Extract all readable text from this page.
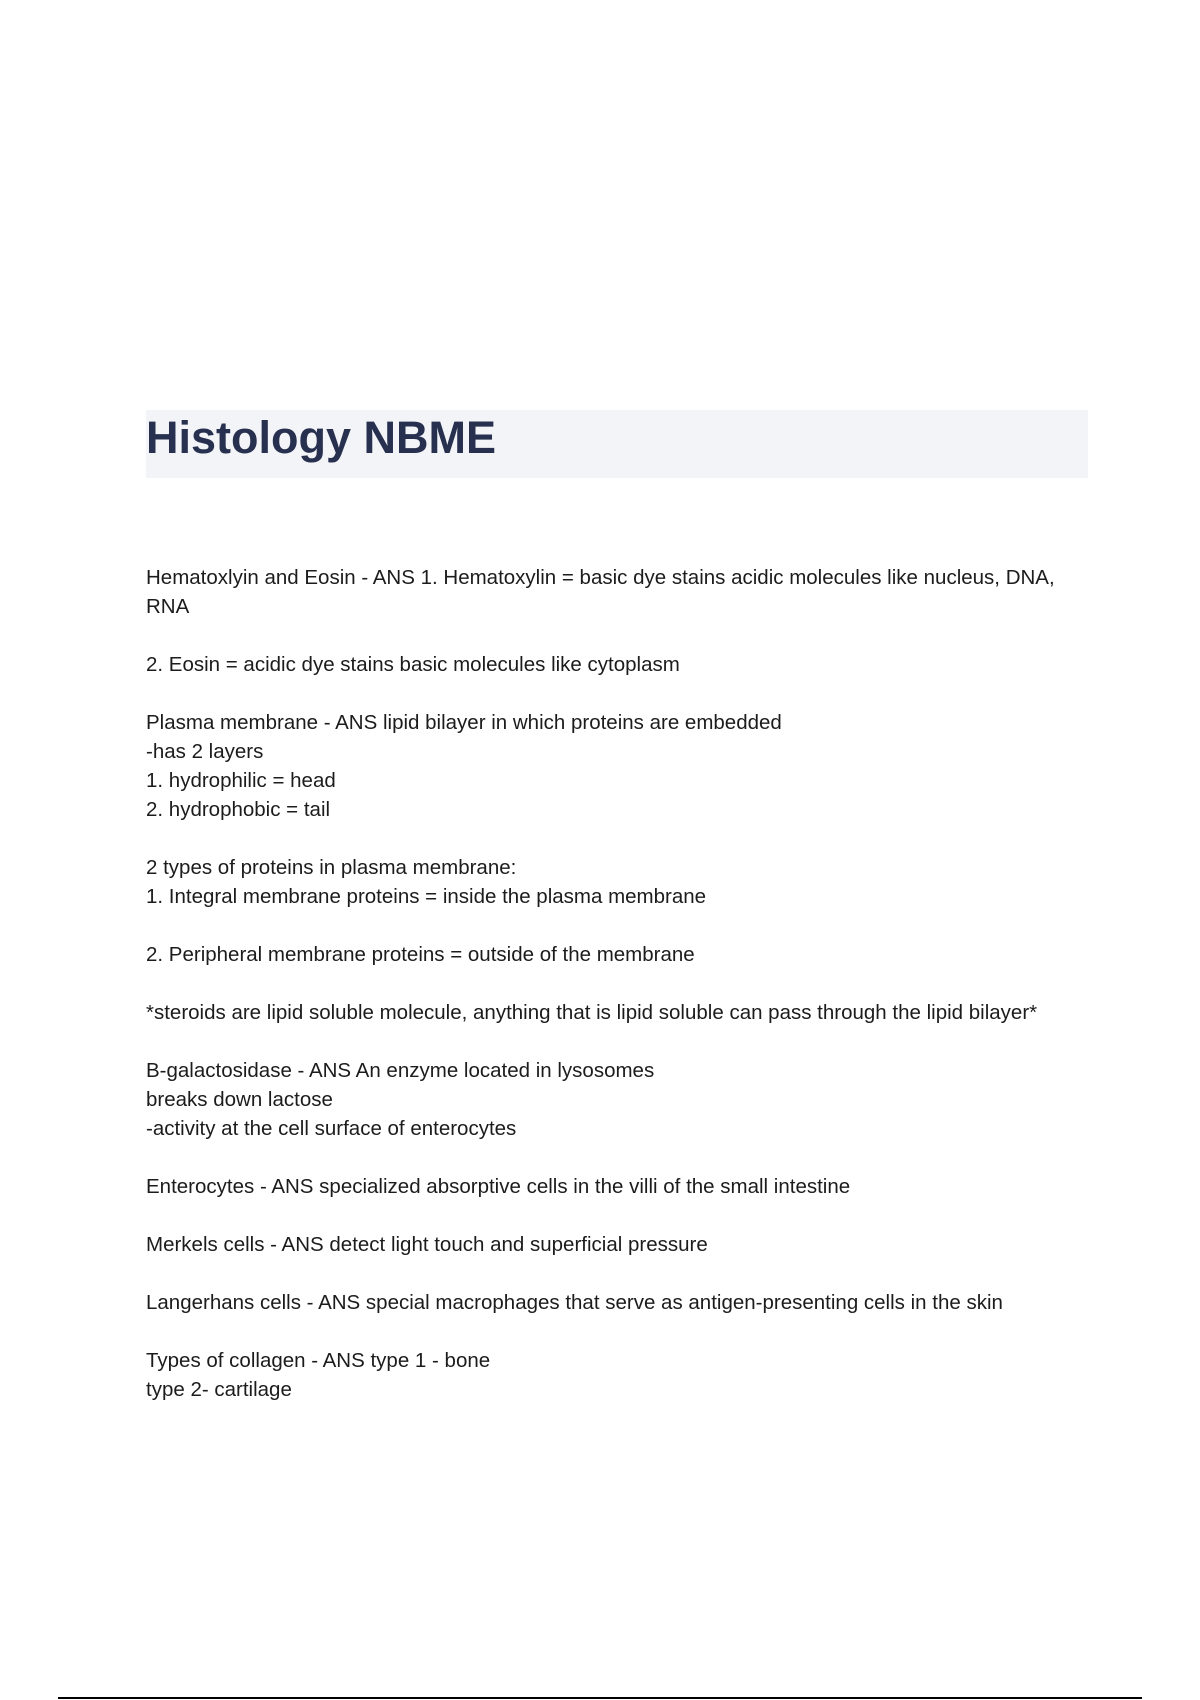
Histology NBME

Hematoxlyin and Eosin - ANS 1. Hematoxylin = basic dye stains acidic molecules like nucleus, DNA, RNA

2. Eosin = acidic dye stains basic molecules like cytoplasm

Plasma membrane - ANS lipid bilayer in which proteins are embedded
-has 2 layers
1. hydrophilic = head
2. hydrophobic = tail

2 types of proteins in plasma membrane:
1. Integral membrane proteins = inside the plasma membrane

2. Peripheral membrane proteins = outside of the membrane

*steroids are lipid soluble molecule, anything that is lipid soluble can pass through the lipid bilayer*

B-galactosidase - ANS An enzyme located in lysosomes
breaks down lactose
-activity at the cell surface of enterocytes

Enterocytes - ANS specialized absorptive cells in the villi of the small intestine

Merkels cells - ANS detect light touch and superficial pressure

Langerhans cells - ANS special macrophages that serve as antigen-presenting cells in the skin

Types of collagen - ANS type 1 - bone
type 2- cartilage
